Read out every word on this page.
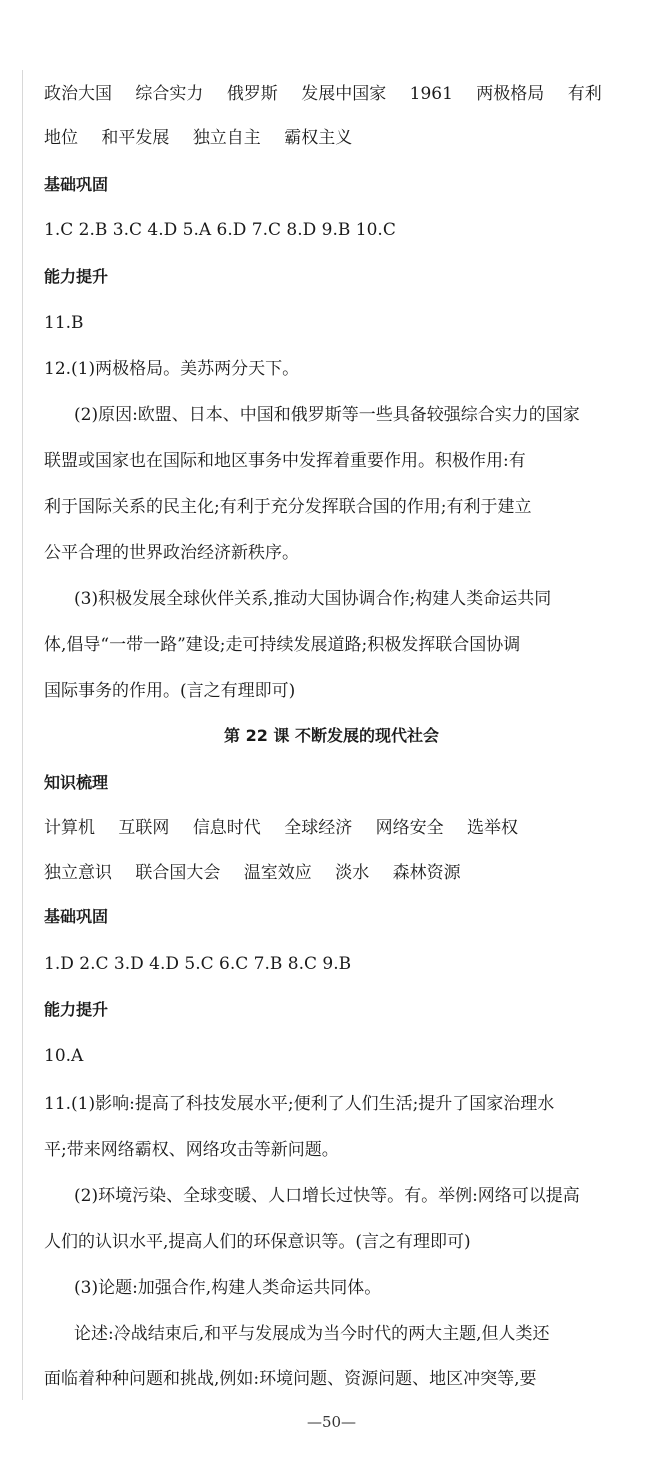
政治大国 综合实力 俄罗斯 发展中国家 1961 两极格局 有利
地位 和平发展 独立自主 霸权主义
基础巩固
1.C 2.B 3.C 4.D 5.A 6.D 7.C 8.D 9.B 10.C
能力提升
11.B
12.(1)两极格局。美苏两分天下。
(2)原因:欧盟、日本、中国和俄罗斯等一些具备较强综合实力的国家
联盟或国家也在国际和地区事务中发挥着重要作用。积极作用:有
利于国际关系的民主化;有利于充分发挥联合国的作用;有利于建立
公平合理的世界政治经济新秩序。
(3)积极发展全球伙伴关系,推动大国协调合作;构建人类命运共同
体,倡导“一带一路”建设;走可持续发展道路;积极发挥联合国协调
国际事务的作用。(言之有理即可)
第 22 课 不断发展的现代社会
知识梳理
计算机 互联网 信息时代 全球经济 网络安全 选举权
独立意识 联合国大会 温室效应 淡水 森林资源
基础巩固
1.D 2.C 3.D 4.D 5.C 6.C 7.B 8.C 9.B
能力提升
10.A
11.(1)影响:提高了科技发展水平;便利了人们生活;提升了国家治理水
平;带来网络霸权、网络攻击等新问题。
(2)环境污染、全球变暖、人口增长过快等。有。举例:网络可以提高
人们的认识水平,提高人们的环保意识等。(言之有理即可)
(3)论题:加强合作,构建人类命运共同体。
论述:冷战结束后,和平与发展成为当今时代的两大主题,但人类还
面临着种种问题和挑战,例如:环境问题、资源问题、地区冲突等,要
—50—
